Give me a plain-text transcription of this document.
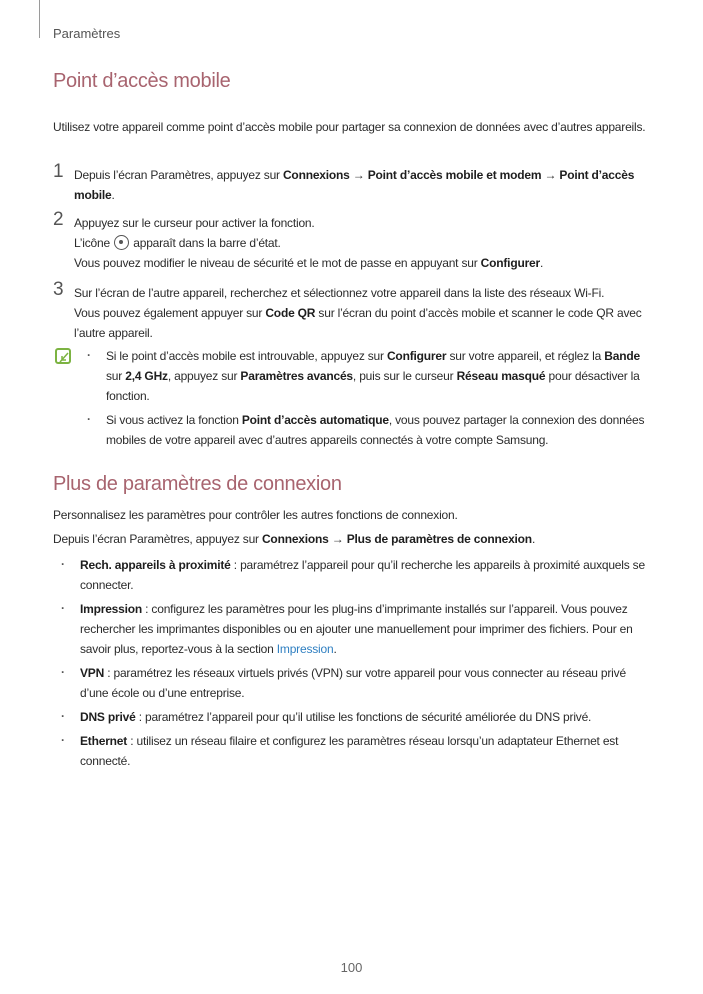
Paramètres
Point d’accès mobile
Utilisez votre appareil comme point d’accès mobile pour partager sa connexion de données avec d’autres appareils.
1 Depuis l’écran Paramètres, appuyez sur Connexions → Point d’accès mobile et modem → Point d’accès mobile.
2 Appuyez sur le curseur pour activer la fonction.
L’icône  apparaît dans la barre d’état.
Vous pouvez modifier le niveau de sécurité et le mot de passe en appuyant sur Configurer.
3 Sur l’écran de l’autre appareil, recherchez et sélectionnez votre appareil dans la liste des réseaux Wi-Fi.
Vous pouvez également appuyer sur Code QR sur l’écran du point d’accès mobile et scanner le code QR avec l’autre appareil.
· Si le point d’accès mobile est introuvable, appuyez sur Configurer sur votre appareil, et réglez la Bande sur 2,4 GHz, appuyez sur Paramètres avancés, puis sur le curseur Réseau masqué pour désactiver la fonction.
· Si vous activez la fonction Point d’accès automatique, vous pouvez partager la connexion des données mobiles de votre appareil avec d’autres appareils connectés à votre compte Samsung.
Plus de paramètres de connexion
Personnalisez les paramètres pour contrôler les autres fonctions de connexion.
Depuis l’écran Paramètres, appuyez sur Connexions → Plus de paramètres de connexion.
· Rech. appareils à proximité : paramétrez l’appareil pour qu’il recherche les appareils à proximité auxquels se connecter.
· Impression : configurez les paramètres pour les plug-ins d’imprimante installés sur l’appareil. Vous pouvez rechercher les imprimantes disponibles ou en ajouter une manuellement pour imprimer des fichiers. Pour en savoir plus, reportez-vous à la section Impression.
· VPN : paramétrez les réseaux virtuels privés (VPN) sur votre appareil pour vous connecter au réseau privé d’une école ou d’une entreprise.
· DNS privé : paramétrez l’appareil pour qu’il utilise les fonctions de sécurité améliorée du DNS privé.
· Ethernet : utilisez un réseau filaire et configurez les paramètres réseau lorsqu’un adaptateur Ethernet est connecté.
100
